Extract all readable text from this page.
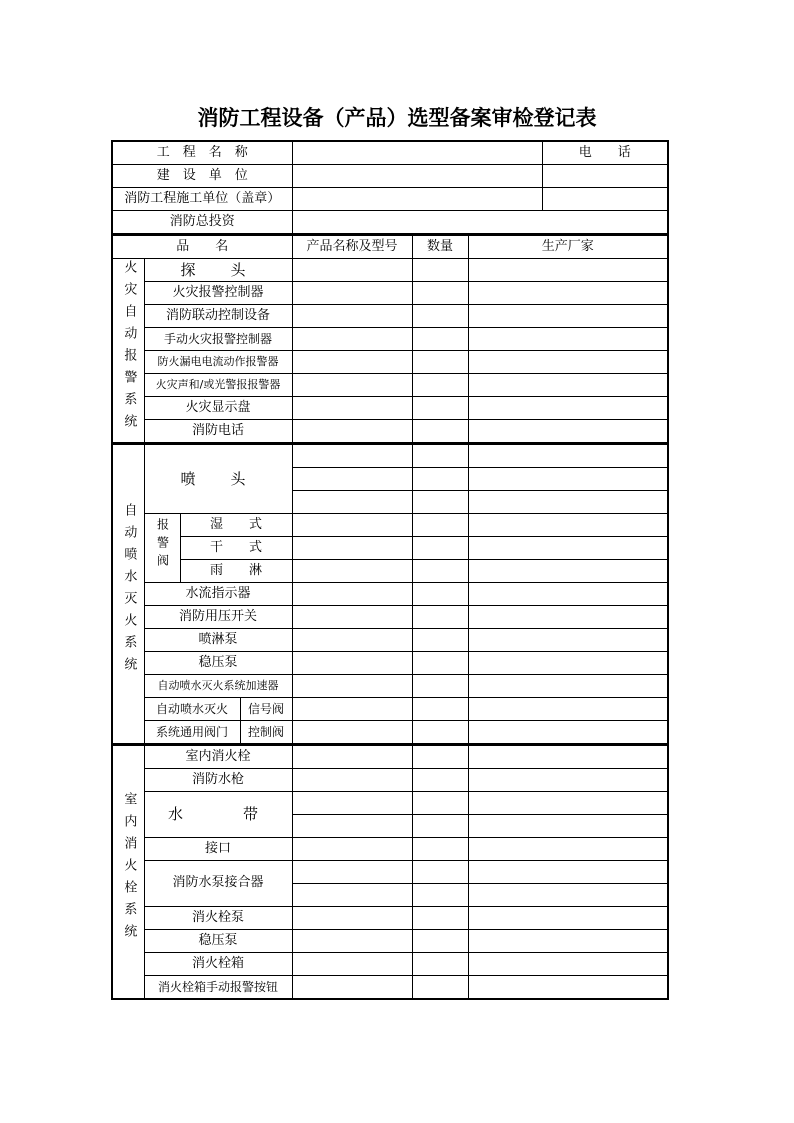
消防工程设备（产品）选型备案审检登记表
工　程　名　称							电　　话
建　设　单　位							
消防工程施工单位（盖章）							
消防总投资							
品　　名				产品名称及型号	数量	生产厂家	
火灾自动报警系统	探　头						
	火灾报警控制器						
	消防联动控制设备						
	手动火灾报警控制器						
	防火漏电电流动作报警器						
	火灾声和/或光警报报警器						
	火灾显示盘						
	消防电话						
自动喷水灭火系统	喷　头						

	报警阀	湿　　式					
		干　　式					
		雨　　淋					
	水流指示器						
	消防用压开关						
	喷淋泵						
	稳压泵						
	自动喷水灭火系统加速器						
	自动喷水灭火		信号阀				
	系统通用阀门		控制阀				
室内消火栓系统	室内消火栓						
	消防水枪						
	水　　带						

	接口						
	消防水泵接合器						

	消火栓泵						
	稳压泵						
	消火栓箱						
	消火栓箱手动报警按钮						
